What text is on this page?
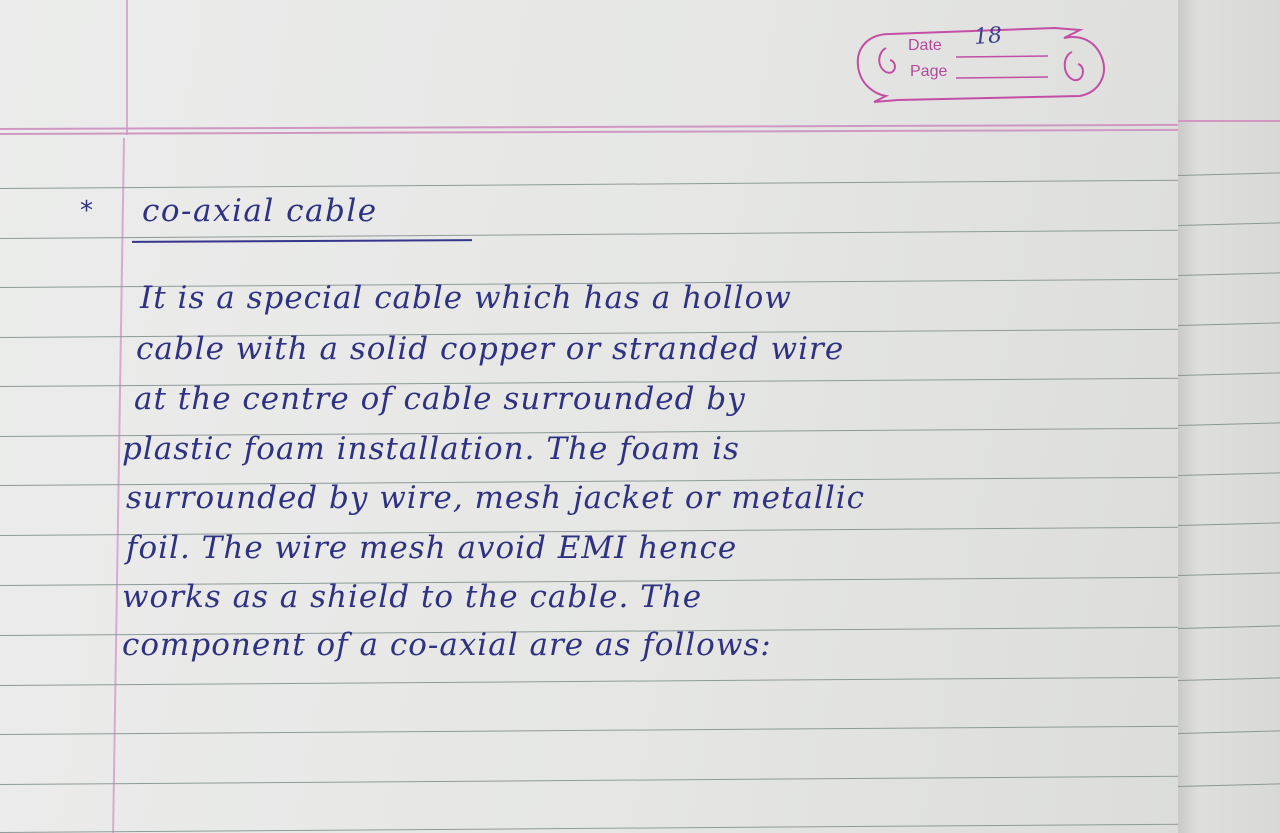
Date
Page
18
* co-axial cable
It is a special cable which has a hollow
cable with a solid copper or stranded wire
at the centre of cable surrounded by
plastic foam installation. The foam is
surrounded by wire, mesh jacket or metallic
foil. The wire mesh avoid EMI hence
works as a shield to the cable. The
component of a co-axial are as follows:
